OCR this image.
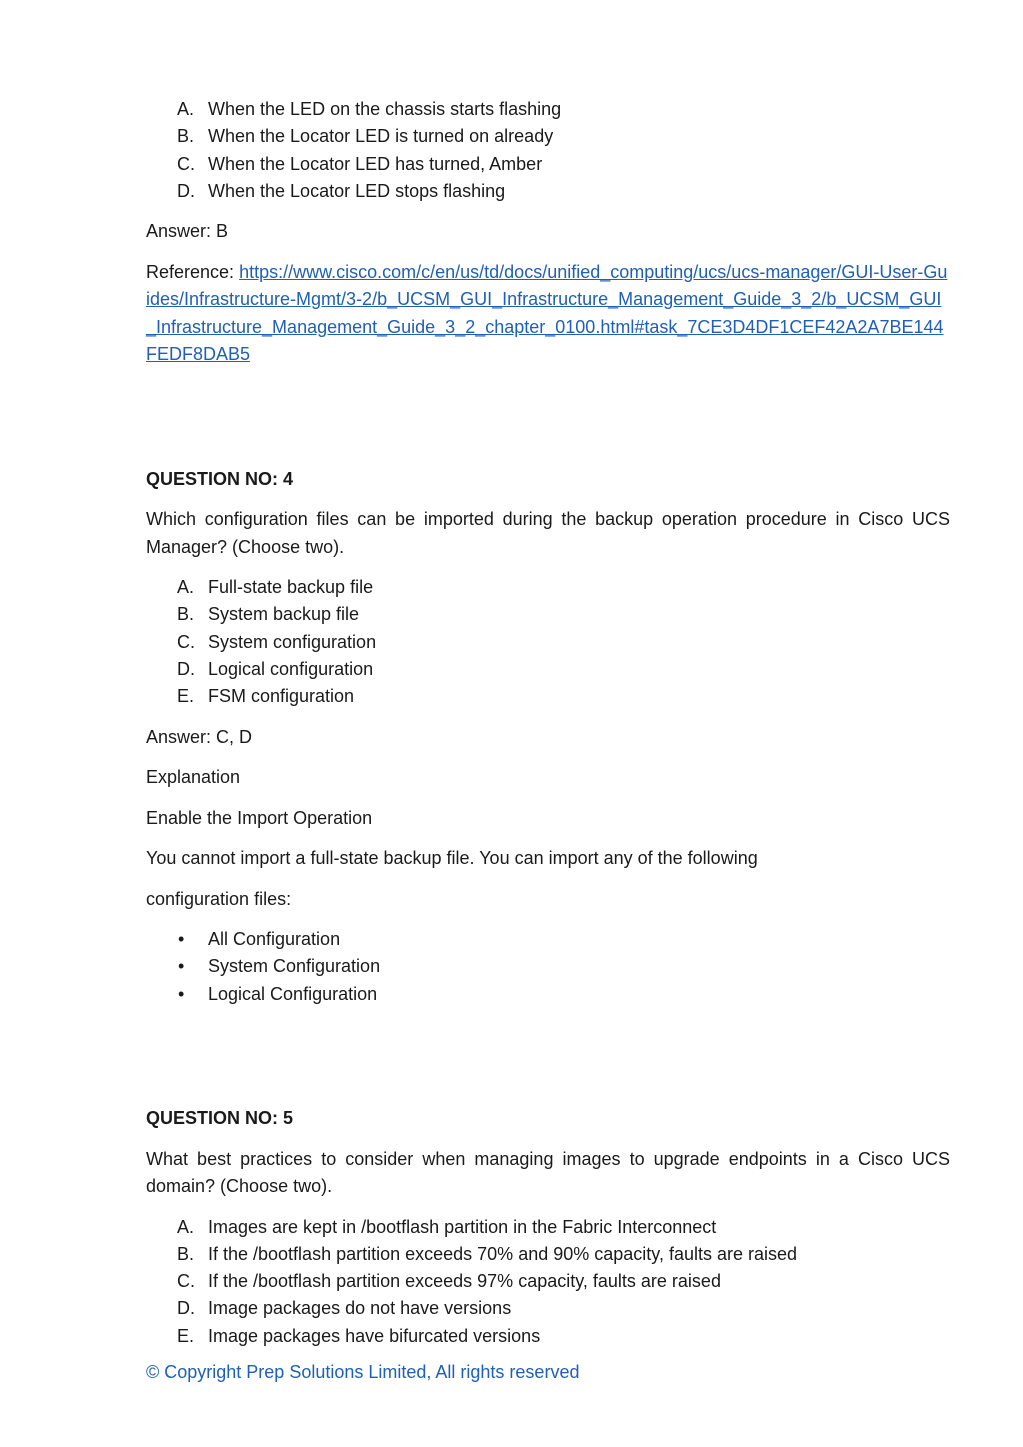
A. When the LED on the chassis starts flashing
B. When the Locator LED is turned on already
C. When the Locator LED has turned, Amber
D. When the Locator LED stops flashing
Answer: B
Reference: https://www.cisco.com/c/en/us/td/docs/unified_computing/ucs/ucs-manager/GUI-User-Guides/Infrastructure-Mgmt/3-2/b_UCSM_GUI_Infrastructure_Management_Guide_3_2/b_UCSM_GUI_Infrastructure_Management_Guide_3_2_chapter_0100.html#task_7CE3D4DF1CEF42A2A7BE144FEDF8DAB5
QUESTION NO: 4
Which configuration files can be imported during the backup operation procedure in Cisco UCS Manager? (Choose two).
A. Full-state backup file
B. System backup file
C. System configuration
D. Logical configuration
E. FSM configuration
Answer: C, D
Explanation
Enable the Import Operation
You cannot import a full-state backup file. You can import any of the following
configuration files:
• All Configuration
• System Configuration
• Logical Configuration
QUESTION NO: 5
What best practices to consider when managing images to upgrade endpoints in a Cisco UCS domain? (Choose two).
A. Images are kept in /bootflash partition in the Fabric Interconnect
B. If the /bootflash partition exceeds 70% and 90% capacity, faults are raised
C. If the /bootflash partition exceeds 97% capacity, faults are raised
D. Image packages do not have versions
E. Image packages have bifurcated versions
© Copyright Prep Solutions Limited, All rights reserved
